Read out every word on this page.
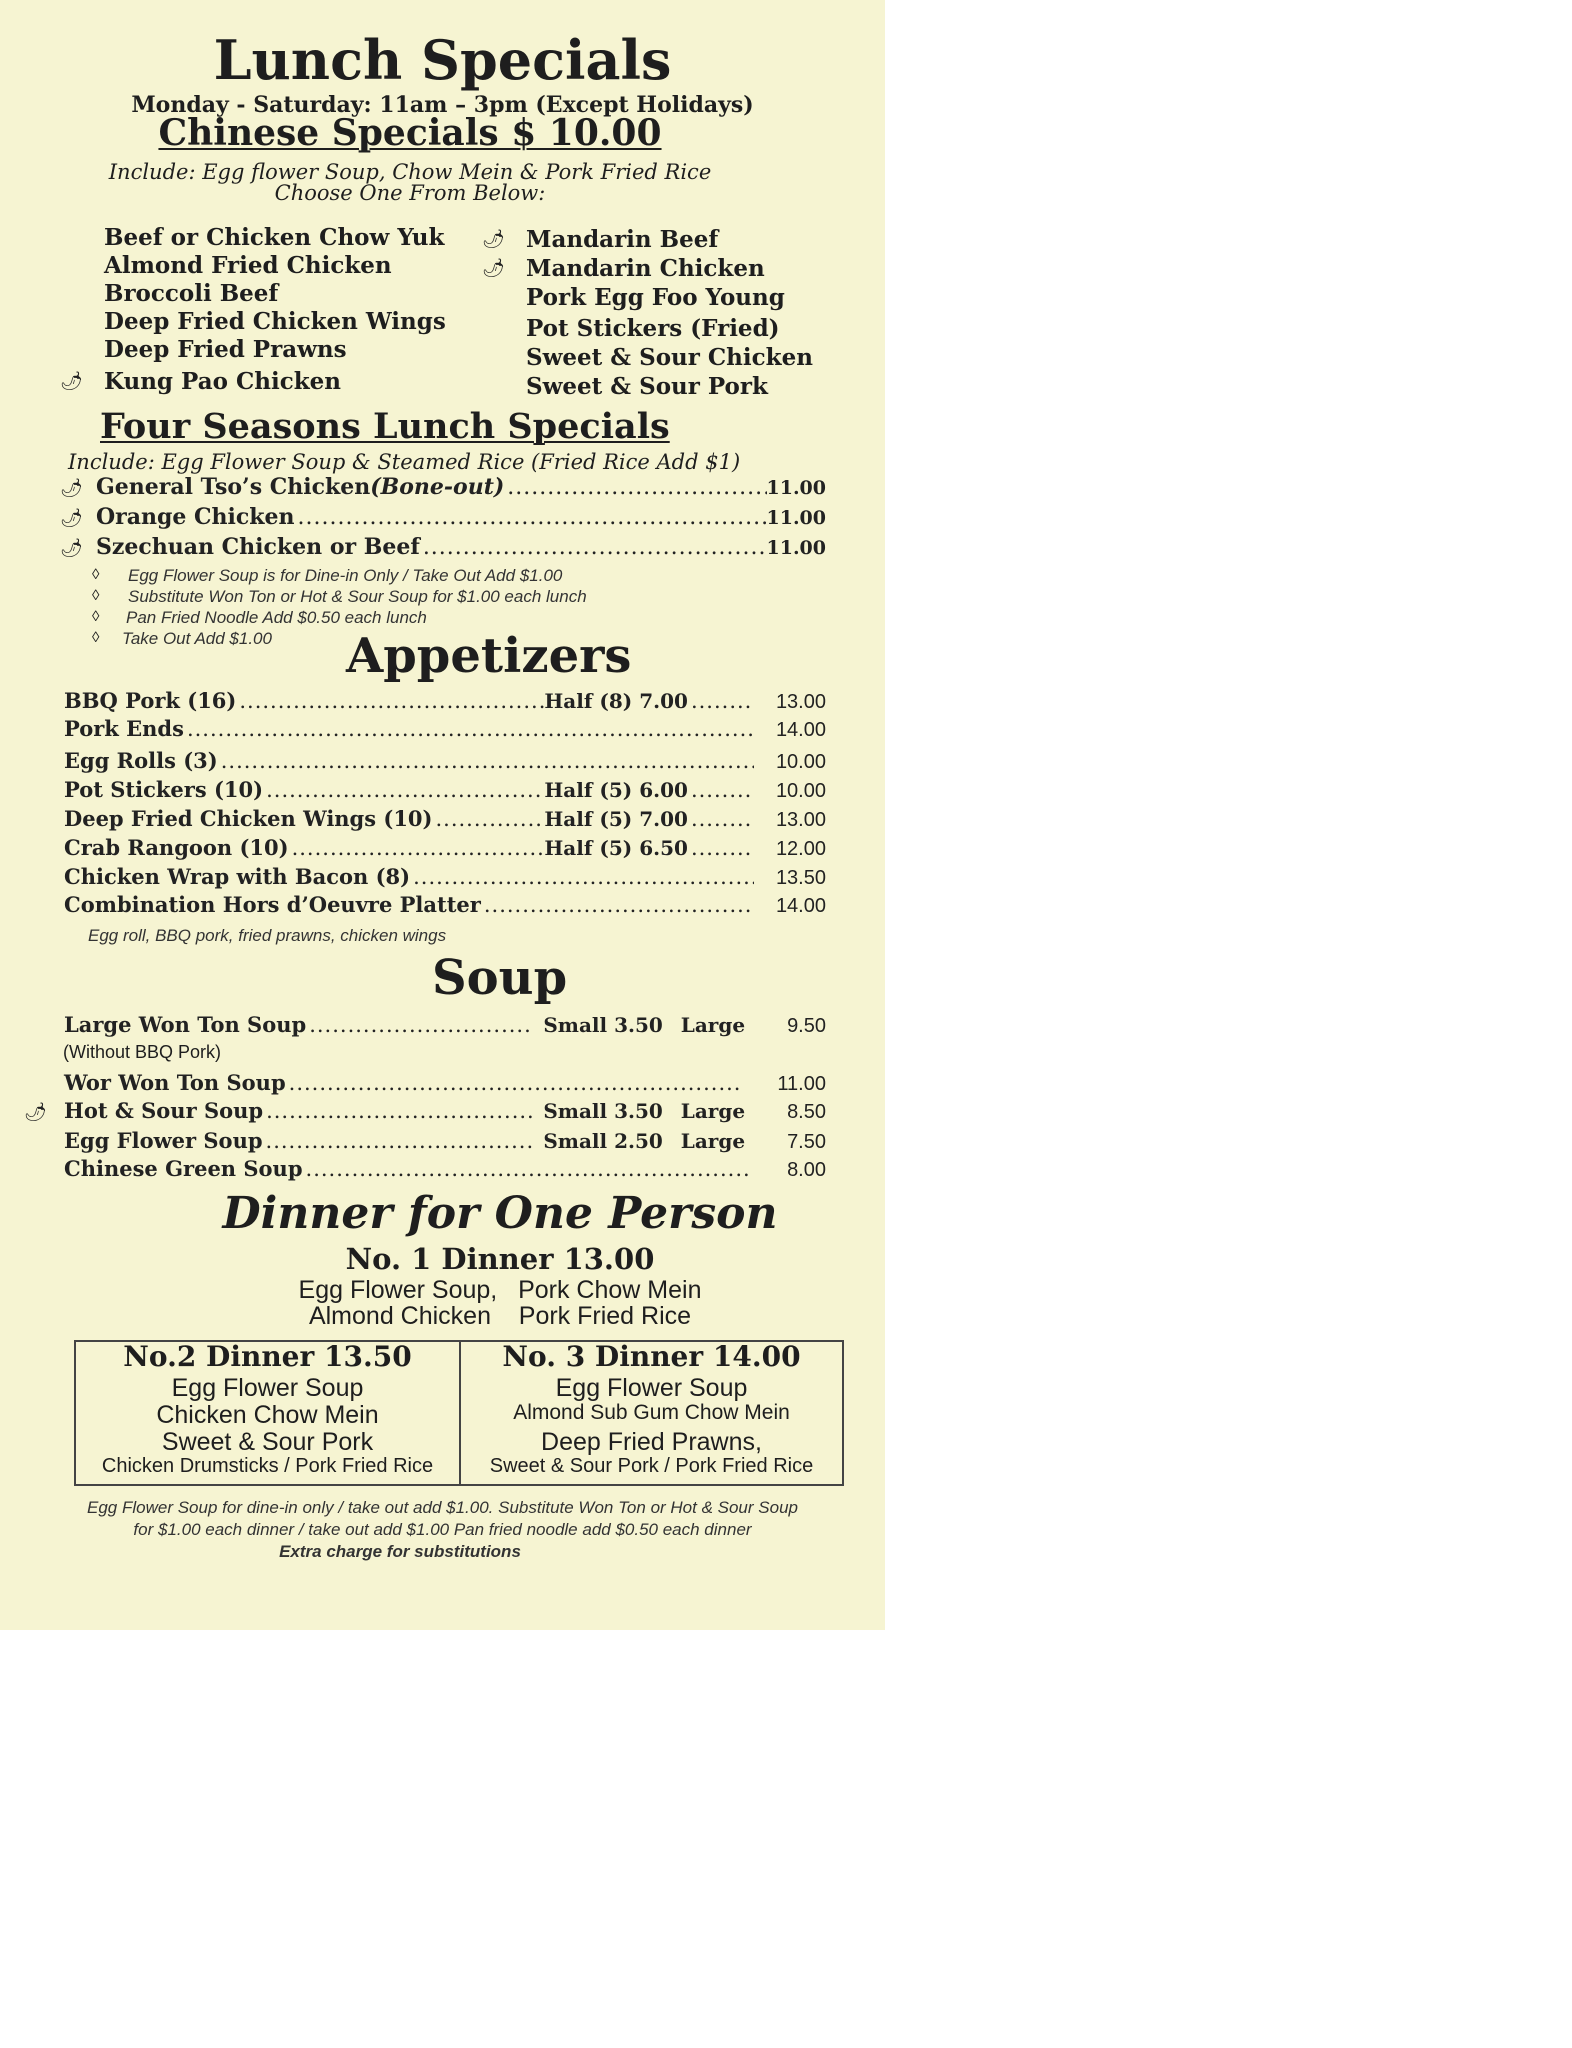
Lunch Specials
Monday - Saturday: 11am – 3pm (Except Holidays)
Chinese Specials $ 10.00
Include: Egg flower Soup, Chow Mein & Pork Fried Rice
Choose One From Below:
Beef or Chicken Chow Yuk
Almond Fried Chicken
Broccoli Beef
Deep Fried Chicken Wings
Deep Fried Prawns
Kung Pao Chicken
🌶
Mandarin Beef
🌶
Mandarin Chicken
🌶
Pork Egg Foo Young
Pot Stickers (Fried)
Sweet & Sour Chicken
Sweet & Sour Pork
Four Seasons Lunch Specials
Include: Egg Flower Soup & Steamed Rice (Fried Rice Add $1)
General Tso’s Chicken (Bone-out) .....	11.00
🌶
Orange Chicken .....	11.00
🌶
Szechuan Chicken or Beef .....	11.00
🌶
◊ Egg Flower Soup is for Dine-in Only / Take Out Add $1.00
◊ Substitute Won Ton or Hot & Sour Soup for $1.00 each lunch
◊ Pan Fried Noodle Add $0.50 each lunch
◊ Take Out Add $1.00 Appetizers
BBQ Pork (16) .....	Half (8) 7.00 .....	13.00
Pork Ends .....	14.00
Egg Rolls (3) .....	10.00
Pot Stickers (10) .....	Half (5) 6.00 .....	10.00
Deep Fried Chicken Wings (10) .....	Half (5) 7.00 .....	13.00
Crab Rangoon (10) .....	Half (5) 6.50 .....	12.00
Chicken Wrap with Bacon (8) .....	13.50
Combination Hors d’Oeuvre Platter .....	14.00
Egg roll, BBQ pork, fried prawns, chicken wings
Soup
Large Won Ton Soup .....	Small 3.50 Large 9.50
Wor Won Ton Soup .....	11.00
Hot & Sour Soup .....	Small 3.50 Large 8.50
🌶
Egg Flower Soup .....	Small 2.50 Large 7.50
Chinese Green Soup .....	8.00
(Without BBQ Pork)
Dinner for One Person
No. 1 Dinner 13.00
Egg Flower Soup,   Pork Chow Mein
Almond Chicken    Pork Fried Rice
No.2 Dinner 13.50	No. 3 Dinner 14.00
Egg Flower Soup
Chicken Chow Mein
Sweet & Sour Pork
Chicken Drumsticks / Pork Fried Rice
Egg Flower Soup
Almond Sub Gum Chow Mein
Deep Fried Prawns,
Sweet & Sour Pork / Pork Fried Rice
Egg Flower Soup for dine-in only / take out add $1.00. Substitute Won Ton or Hot & Sour Soup
for $1.00 each dinner / take out add $1.00 Pan fried noodle add $0.50 each dinner
Extra charge for substitutions
